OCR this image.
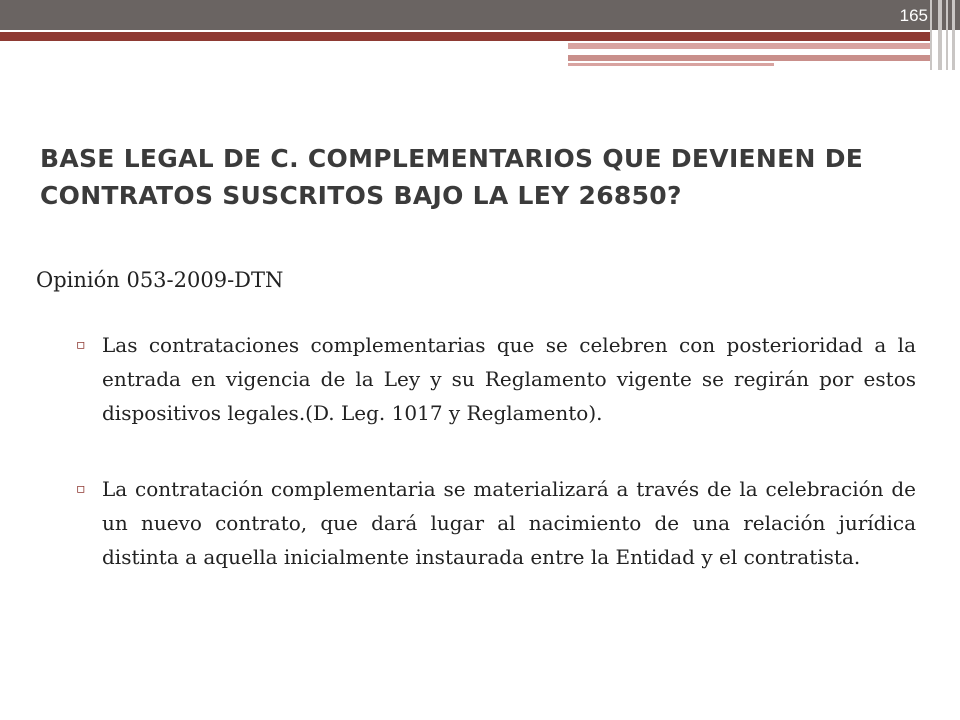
165
BASE LEGAL DE C. COMPLEMENTARIOS QUE DEVIENEN DE CONTRATOS SUSCRITOS BAJO LA LEY 26850?
Opinión 053-2009-DTN
▫ Las contrataciones complementarias que se celebren con posterioridad a la entrada en vigencia de la Ley y su Reglamento vigente se regirán por estos dispositivos legales.(D. Leg. 1017 y Reglamento).
▫ La contratación complementaria se materializará a través de la celebración de un nuevo contrato, que dará lugar al nacimiento de una relación jurídica distinta a aquella inicialmente instaurada entre la Entidad y el contratista.
